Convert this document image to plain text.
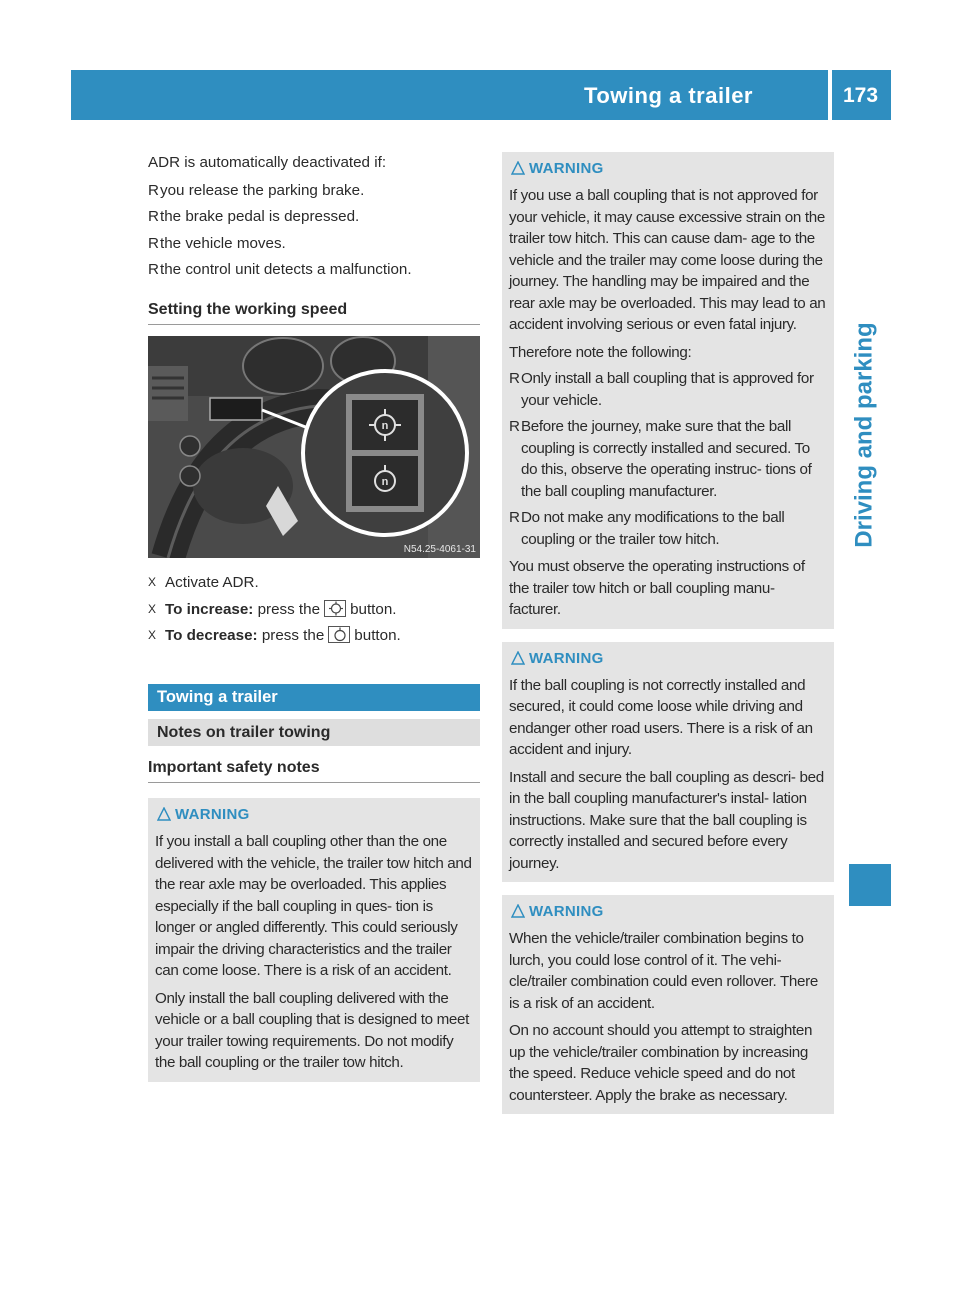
Towing a trailer	173
Driving and parking

ADR is automatically deactivated if:

R you release the parking brake.
R the brake pedal is depressed.
R the vehicle moves.
R the control unit detects a malfunction.
Setting the working speed
n
n
N54.25-4061-31
X Activate ADR.
X To increase: press the button.
X To decrease: press the button.
Towing a trailer
Notes on trailer towing
Important safety notes
WARNING

If you install a ball coupling other than the one delivered with the vehicle, the trailer tow hitch and the rear axle may be overloaded. This applies especially if the ball coupling in ques- tion is longer or angled differently. This could seriously impair the driving characteristics and the trailer can come loose. There is a risk of an accident.

Only install the ball coupling delivered with the vehicle or a ball coupling that is designed to meet your trailer towing requirements. Do not modify the ball coupling or the trailer tow hitch.

WARNING

If you use a ball coupling that is not approved for your vehicle, it may cause excessive strain on the trailer tow hitch. This can cause dam- age to the vehicle and the trailer may come loose during the journey. The handling may be impaired and the rear axle may be overloaded. This may lead to an accident involving serious or even fatal injury.

Therefore note the following:

R Only install a ball coupling that is approved for your vehicle.
R Before the journey, make sure that the ball coupling is correctly installed and secured. To do this, observe the operating instruc- tions of the ball coupling manufacturer.
R Do not make any modifications to the ball coupling or the trailer tow hitch.

You must observe the operating instructions of the trailer tow hitch or ball coupling manu- facturer.

WARNING

If the ball coupling is not correctly installed and secured, it could come loose while driving and endanger other road users. There is a risk of an accident and injury.

Install and secure the ball coupling as descri- bed in the ball coupling manufacturer's instal- lation instructions. Make sure that the ball coupling is correctly installed and secured before every journey.

WARNING

When the vehicle/trailer combination begins to lurch, you could lose control of it. The vehi- cle/trailer combination could even rollover. There is a risk of an accident.

On no account should you attempt to straighten up the vehicle/trailer combination by increasing the speed. Reduce vehicle speed and do not countersteer. Apply the brake as necessary.
